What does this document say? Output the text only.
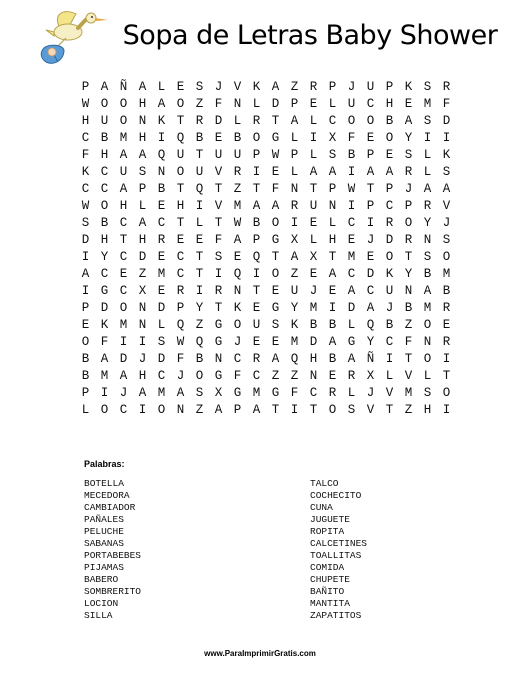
Sopa de Letras Baby Shower
P A Ñ A L E S J V K A Z R P J U P K S R
W O O H A O Z F N L D P E L U C H E M F
H U O N K T R D L R T A L C O O B A S D
C B M H I Q B E B O G L I X F E O Y I I
F H A A Q U T U U P W P L S B P E S L K
K C U S N O U V R I E L A A I A A R L S
C C A P B T Q T Z T F N T P W T P J A A
W O H L E H I V M A A R U N I P C P R V
S B C A C T L T W B O I E L C I R O Y J
D H T H R E E F A P G X L H E J D R N S
I Y C D E C T S E Q T A X T M E O T S O
A C E Z M C T I Q I O Z E A C D K Y B M
I G C X E R I R N T E U J E A C U N A B
P D O N D P Y T K E G Y M I D A J B M R
E K M N L Q Z G O U S K B B L Q B Z O E
O F I I S W Q G J E E M D A G Y C F N R
B A D J D F B N C R A Q H B A Ñ I T O I
B M A H C J O G F C Z Z N E R X L V L T
P I J A M A S X G M G F C R L J V M S O
L O C I O N Z A P A T I T O S V T Z H I
Palabras:
BOTELLA
MECEDORA
CAMBIADOR
PAÑALES
PELUCHE
SABANAS
PORTABEBES
PIJAMAS
BABERO
SOMBRERITO
LOCION
SILLA
TALCO
COCHECITO
CUNA
JUGUETE
ROPITA
CALCETINES
TOALLITAS
COMIDA
CHUPETE
BAÑITO
MANTITA
ZAPATITOS
www.ParaImprimirGratis.com
